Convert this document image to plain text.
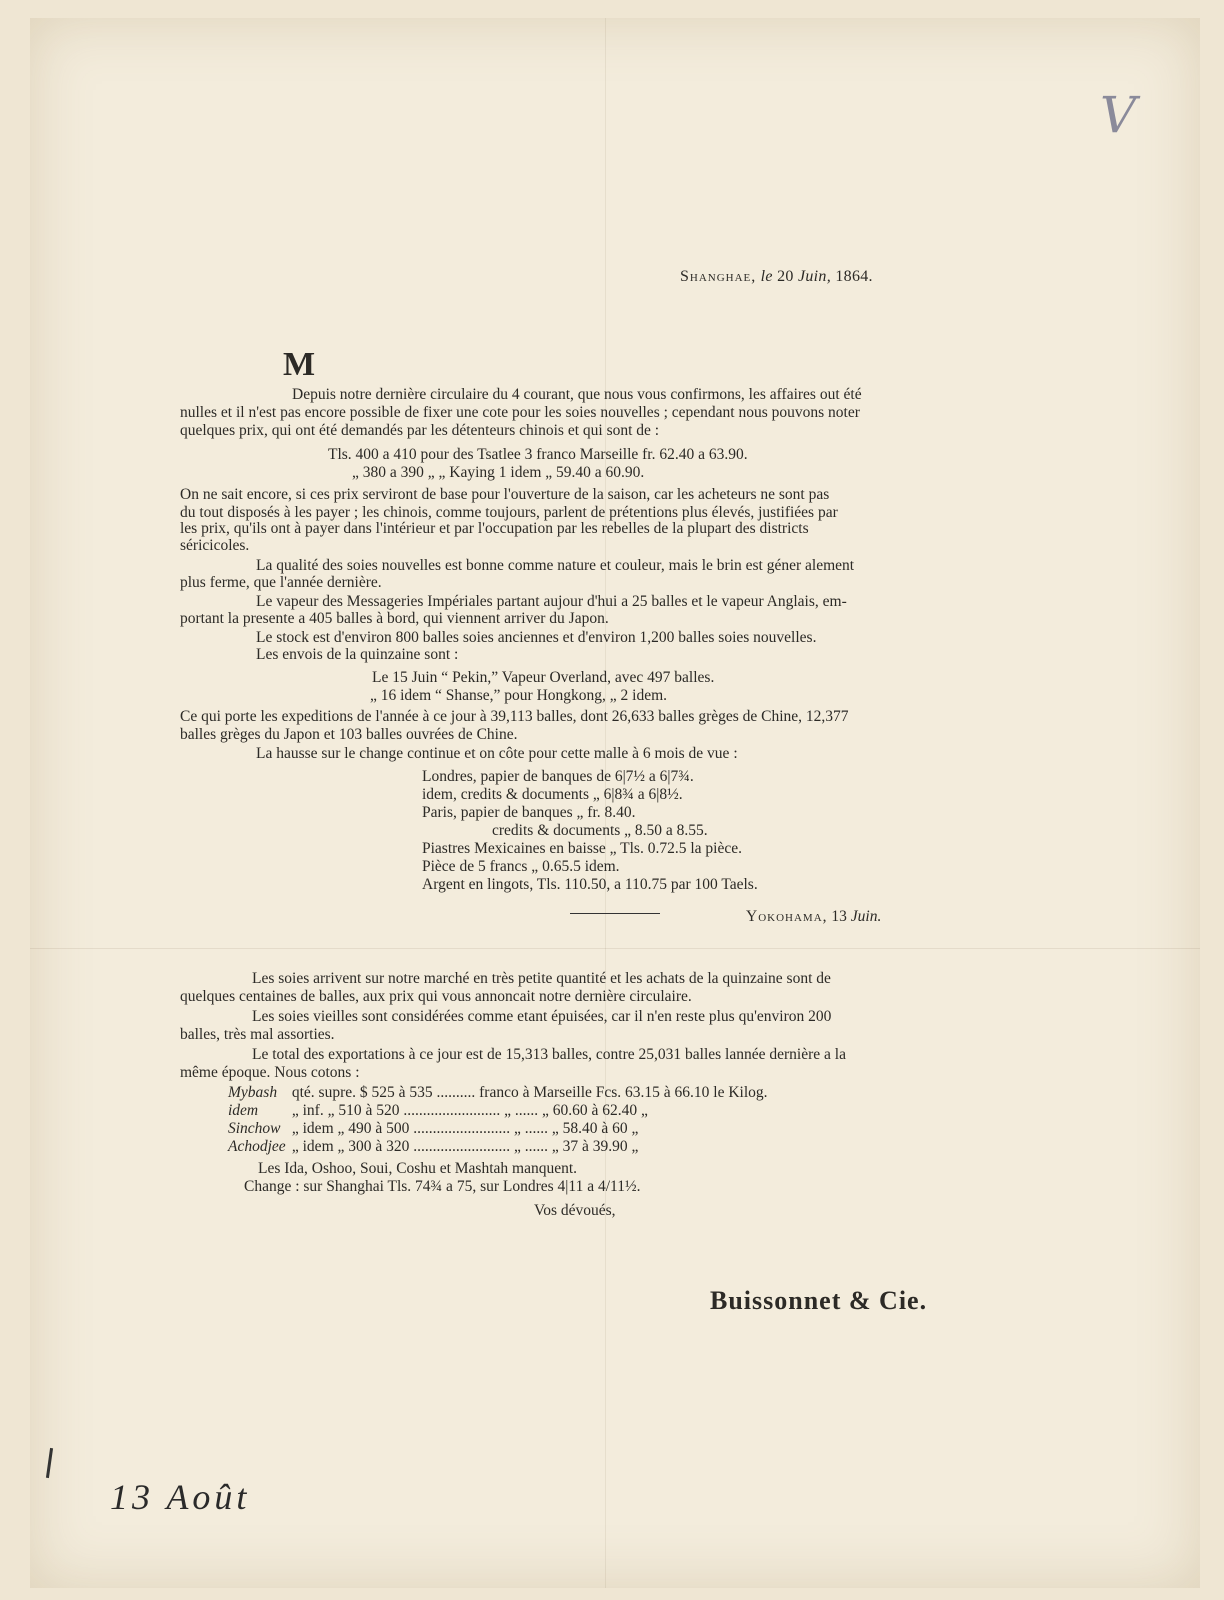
V
Shanghae, le 20 Juin, 1864.
M
Depuis notre dernière circulaire du 4 courant, que nous vous confirmons, les affaires out été
nulles et il n'est pas encore possible de fixer une cote pour les soies nouvelles ; cependant nous pouvons noter
quelques prix, qui ont été demandés par les détenteurs chinois et qui sont de :
Tls. 400 a 410 pour des Tsatlee 3 franco Marseille fr. 62.40 a 63.90.
„ 380 a 390 „ „ Kaying 1 idem „ 59.40 a 60.90.
On ne sait encore, si ces prix serviront de base pour l'ouverture de la saison, car les acheteurs ne sont pas
du tout disposés à les payer ; les chinois, comme toujours, parlent de prétentions plus élevés, justifiées par
les prix, qu'ils ont à payer dans l'intérieur et par l'occupation par les rebelles de la plupart des districts
séricicoles.
La qualité des soies nouvelles est bonne comme nature et couleur, mais le brin est géner alement
plus ferme, que l'année dernière.
Le vapeur des Messageries Impériales partant aujour d'hui a 25 balles et le vapeur Anglais, em-
portant la presente a 405 balles à bord, qui viennent arriver du Japon.
Le stock est d'environ 800 balles soies anciennes et d'environ 1,200 balles soies nouvelles.
Les envois de la quinzaine sont :
Le 15 Juin “ Pekin,” Vapeur Overland, avec 497 balles.
„ 16 idem “ Shanse,” pour Hongkong, „ 2 idem.
Ce qui porte les expeditions de l'année à ce jour à 39,113 balles, dont 26,633 balles grèges de Chine, 12,377
balles grèges du Japon et 103 balles ouvrées de Chine.
La hausse sur le change continue et on côte pour cette malle à 6 mois de vue :
Londres, papier de banques de 6|7½ a 6|7¾.
idem, credits & documents „ 6|8¾ a 6|8½.
Paris, papier de banques „ fr. 8.40.
credits & documents „ 8.50 a 8.55.
Piastres Mexicaines en baisse „ Tls. 0.72.5 la pièce.
Pièce de 5 francs „ 0.65.5 idem.
Argent en lingots, Tls. 110.50, a 110.75 par 100 Taels.
Yokohama, 13 Juin.
Les soies arrivent sur notre marché en très petite quantité et les achats de la quinzaine sont de
quelques centaines de balles, aux prix qui vous annoncait notre dernière circulaire.
Les soies vieilles sont considérées comme etant épuisées, car il n'en reste plus qu'environ 200
balles, très mal assorties.
Le total des exportations à ce jour est de 15,313 balles, contre 25,031 balles lannée dernière a la
même époque. Nous cotons :
Mybash qté. supre. $ 525 à 535 .......... franco à Marseille Fcs. 63.15 à 66.10 le Kilog.
idem „ inf. „ 510 à 520 ......................... „ ...... „ 60.60 à 62.40 „
Sinchow „ idem „ 490 à 500 ......................... „ ...... „ 58.40 à 60 „
Achodjee „ idem „ 300 à 320 ......................... „ ...... „ 37 à 39.90 „
Les Ida, Oshoo, Soui, Coshu et Mashtah manquent.
Change : sur Shanghai Tls. 74¾ a 75, sur Londres 4|11 a 4/11½.
Vos dévoués,
Buissonnet & Cie.
13 Août
